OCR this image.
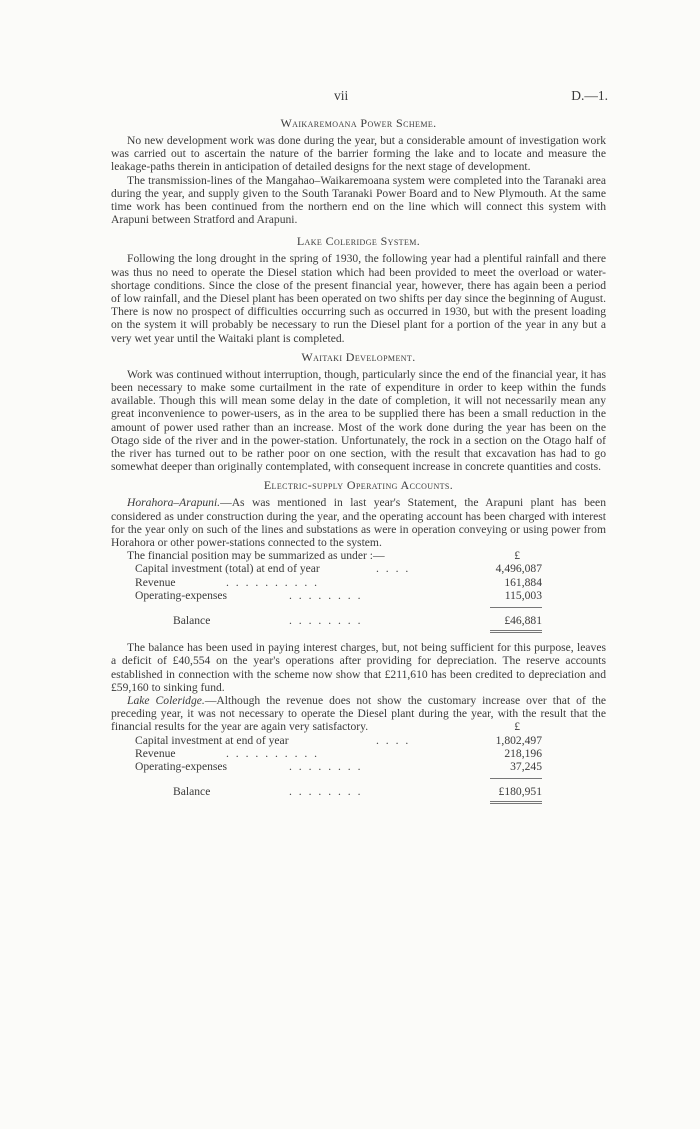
vii	D.—1.
Waikaremoana Power Scheme.

No new development work was done during the year, but a considerable amount of investigation work was carried out to ascertain the nature of the barrier forming the lake and to locate and measure the leakage-paths therein in anticipation of detailed designs for the next stage of development.

The transmission-lines of the Mangahao–Waikaremoana system were completed into the Taranaki area during the year, and supply given to the South Taranaki Power Board and to New Plymouth. At the same time work has been continued from the northern end on the line which will connect this system with Arapuni between Stratford and Arapuni.

Lake Coleridge System.

Following the long drought in the spring of 1930, the following year had a plentiful rainfall and there was thus no need to operate the Diesel station which had been provided to meet the overload or water-shortage conditions. Since the close of the present financial year, however, there has again been a period of low rainfall, and the Diesel plant has been operated on two shifts per day since the beginning of August. There is now no prospect of difficulties occurring such as occurred in 1930, but with the present loading on the system it will probably be necessary to run the Diesel plant for a portion of the year in any but a very wet year until the Waitaki plant is completed.

Waitaki Development.

Work was continued without interruption, though, particularly since the end of the financial year, it has been necessary to make some curtailment in the rate of expenditure in order to keep within the funds available. Though this will mean some delay in the date of completion, it will not necessarily mean any great inconvenience to power-users, as in the area to be supplied there has been a small reduction in the amount of power used rather than an increase. Most of the work done during the year has been on the Otago side of the river and in the power-station. Unfortunately, the rock in a section on the Otago half of the river has turned out to be rather poor on one section, with the result that excavation has had to go somewhat deeper than originally contemplated, with consequent increase in concrete quantities and costs.

Electric-supply Operating Accounts.

Horahora–Arapuni.—As was mentioned in last year's Statement, the Arapuni plant has been considered as under construction during the year, and the operating account has been charged with interest for the year only on such of the lines and substations as were in operation conveying or using power from Horahora or other power-stations connected to the system.

The financial position may be summarized as under :—	£
Capital investment (total) at end of year	. . . .	4,496,087
Revenue	. . . . . . . . . .	161,884
Operating-expenses	. . . . . . . .	115,003
Balance	. . . . . . . .	£46,881

The balance has been used in paying interest charges, but, not being sufficient for this purpose, leaves a deficit of £40,554 on the year's operations after providing for depreciation. The reserve accounts established in connection with the scheme now show that £211,610 has been credited to depreciation and £59,160 to sinking fund.

Lake Coleridge.—Although the revenue does not show the customary increase over that of the preceding year, it was not necessary to operate the Diesel plant during the year, with the result that the financial results for the year are again very satisfactory.	£
Capital investment at end of year	. . . .	1,802,497
Revenue	. . . . . . . . . .	218,196
Operating-expenses	. . . . . . . .	37,245
Balance	. . . . . . . .	£180,951
